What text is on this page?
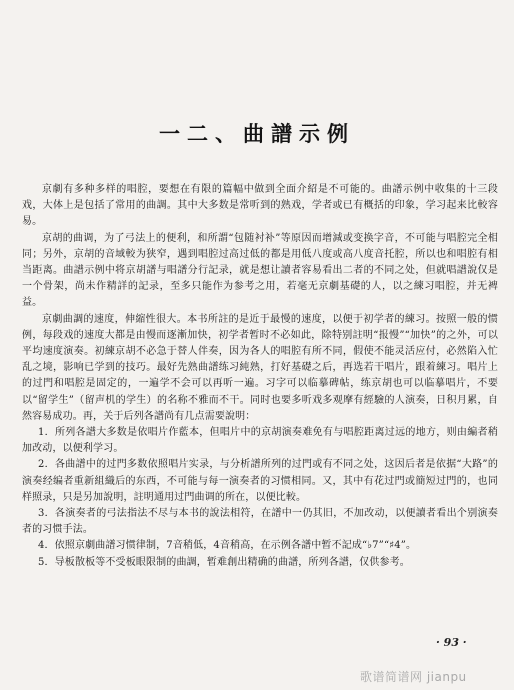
一二、曲譜示例

京劇有多种多样的唱腔，要想在有限的篇幅中做到全面介紹是不可能的。曲譜示例中收集的十三段戏，大体上是包括了常用的曲調。其中大多数是常听到的熟戏，学者或已有概括的印象，学习起来比較容易。

京胡的曲调，为了弓法上的便利，和所謂“包随衬补”等原因而增減或变换字音，不可能与唱腔完全相同；另外，京胡的音域較为狭窄，遇到唱腔过高过低的都是用低八度或高八度音托腔，所以也和唱腔有相当距离。曲譜示例中将京胡譜与唱譜分行記录，就是想让讀者容易看出二者的不同之处，但就唱譜說仅是一个骨架，尚未作精詳的記录，至多只能作为参考之用，若毫无京劇基礎的人，以之練习唱腔，并无裨益。

京劇曲調的速度，伸縮性很大。本书所註的是近于最慢的速度，以便于初学者的練习。按照一般的惯例，每段戏的速度大都是由慢而逐漸加快，初学者暂时不必如此，除特别註明“报慢”“加快”的之外，可以平均速度演奏。初練京胡不必急于替人伴奏，因为各人的唱腔有所不同，假使不能灵活应付，必然陷入忙乱之境，影响已学到的技巧。最好先熟曲譜练习純熟，打好基礎之后，再选若干唱片，跟着練习。唱片上的过門和唱腔是固定的，一遍学不会可以再听一遍。习字可以临摹碑帖，练京胡也可以临摹唱片，不要以“留学生”（留声机的学生）的名称不雅而不干。同时也要多听戏多观摩有經驗的人演奏，日积月累，自然容易成功。再，关于后列各譜尚有几点需要說明：

1．所列各譜大多数是依唱片作藍本，但唱片中的京胡演奏难免有与唱腔距离过远的地方，则由編者稍加改动，以便利学习。

2．各曲譜中的过門多数依照唱片实录，与分析譜所列的过門或有不同之处，这因后者是依据“大路”的演奏经编者重新組織后的东西，不可能与每一演奏者的习惯相同。又，其中有花过門或簡短过門的，也同样照录，只是另加說明，註明通用过門曲调的所在，以便比較。

3．各演奏者的弓法指法不尽与本书的說法相符，在譜中一仍其旧，不加改动，以便讀者看出个别演奏者的习惯手法。

4．依照京劇曲譜习惯律制，7音稍低，4音稍高，在示例各譜中暂不記成“♭7”“♯4”。

5．导板散板等不受板眼限制的曲調，暂难創出精确的曲譜，所列各譜，仅供参考。

· 93 ·
歌谱简谱网 jianpu
